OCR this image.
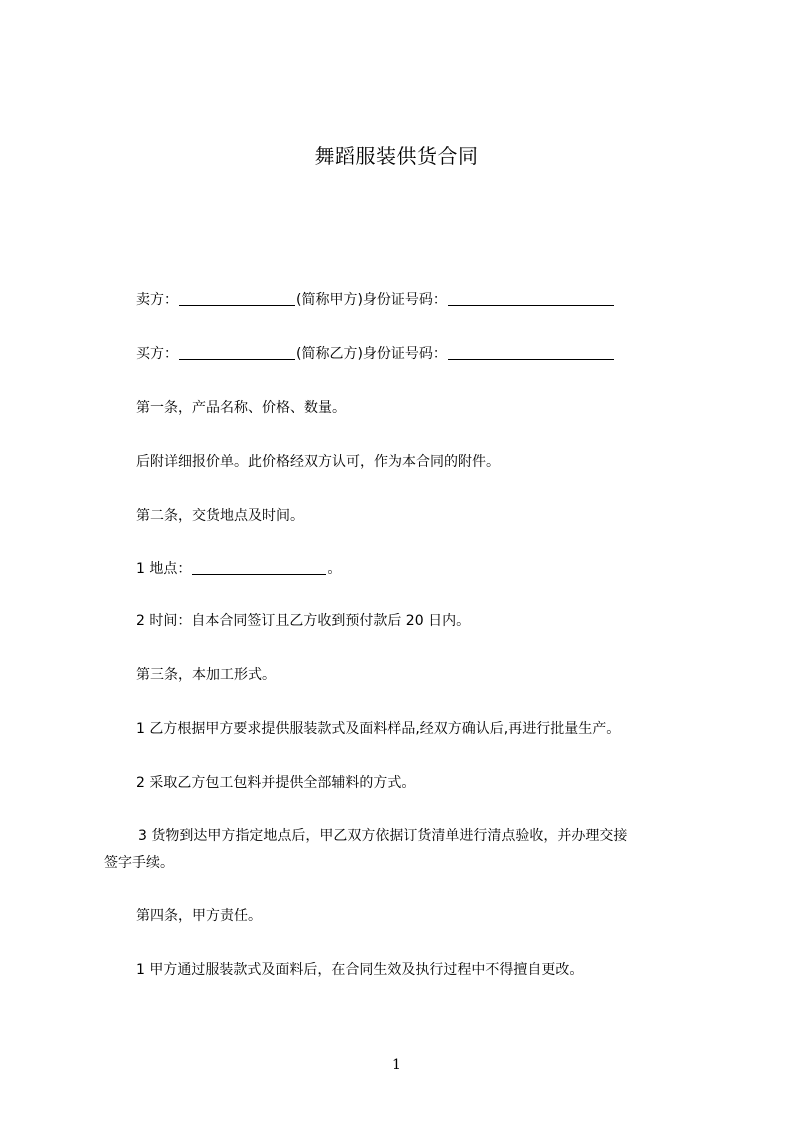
舞蹈服装供货合同
卖方：	(简称甲方)身份证号码：
买方：	(简称乙方)身份证号码：
第一条，产品名称、价格、数量。
后附详细报价单。此价格经双方认可，作为本合同的附件。
第二条，交货地点及时间。
1 地点：	。
2 时间：自本合同签订且乙方收到预付款后 20 日内。
第三条，本加工形式。
1 乙方根据甲方要求提供服装款式及面料样品,经双方确认后,再进行批量生产。
2 采取乙方包工包料并提供全部辅料的方式。
3 货物到达甲方指定地点后，甲乙双方依据订货清单进行清点验收，并办理交接
签字手续。
第四条，甲方责任。
1 甲方通过服装款式及面料后，在合同生效及执行过程中不得擅自更改。
1
